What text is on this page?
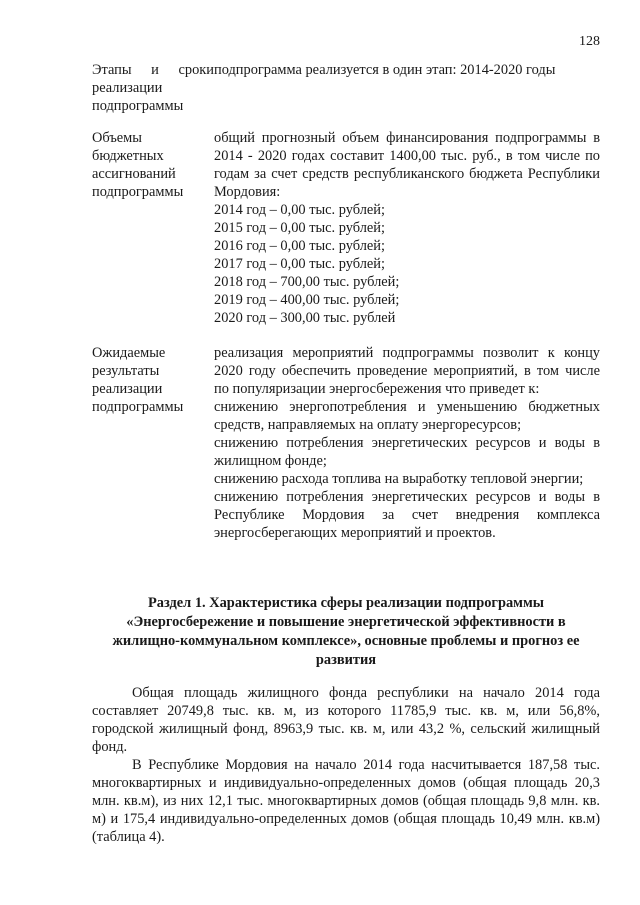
128
Этапы и сроки
реализации
подпрограммы
подпрограмма реализуется в один этап: 2014-2020 годы
Объемы
бюджетных
ассигнований
подпрограммы
общий прогнозный объем финансирования подпрограммы в 2014 - 2020 годах составит 1400,00 тыс. руб., в том числе по годам за счет средств республиканского бюджета Республики Мордовия:
2014 год – 0,00 тыс. рублей;
2015 год – 0,00 тыс. рублей;
2016 год – 0,00 тыс. рублей;
2017 год – 0,00 тыс. рублей;
2018 год – 700,00 тыс. рублей;
2019 год – 400,00 тыс. рублей;
2020 год – 300,00 тыс. рублей
Ожидаемые
результаты
реализации
подпрограммы
реализация мероприятий подпрограммы позволит к концу 2020 году обеспечить проведение мероприятий, в том числе по популяризации энергосбережения что приведет к:
снижению энергопотребления и уменьшению бюджетных средств, направляемых на оплату энергоресурсов;
снижению потребления энергетических ресурсов и воды в жилищном фонде;
снижению расхода топлива на выработку тепловой энергии;
снижению потребления энергетических ресурсов и воды в Республике Мордовия за счет внедрения комплекса энергосберегающих мероприятий и проектов.
Раздел 1. Характеристика сферы реализации подпрограммы
«Энергосбережение и повышение энергетической эффективности в
жилищно-коммунальном комплексе», основные проблемы и прогноз ее
развития

Общая площадь жилищного фонда республики на начало 2014 года составляет 20749,8 тыс. кв. м, из которого 11785,9 тыс. кв. м, или 56,8%, городской жилищный фонд, 8963,9 тыс. кв. м, или 43,2 %, сельский жилищный фонд.

В Республике Мордовия на начало 2014 года насчитывается 187,58 тыс. многоквартирных и индивидуально-определенных домов (общая площадь 20,3 млн. кв.м), из них 12,1 тыс. многоквартирных домов (общая площадь 9,8 млн. кв. м) и 175,4 индивидуально-определенных домов (общая площадь 10,49 млн. кв.м) (таблица 4).
